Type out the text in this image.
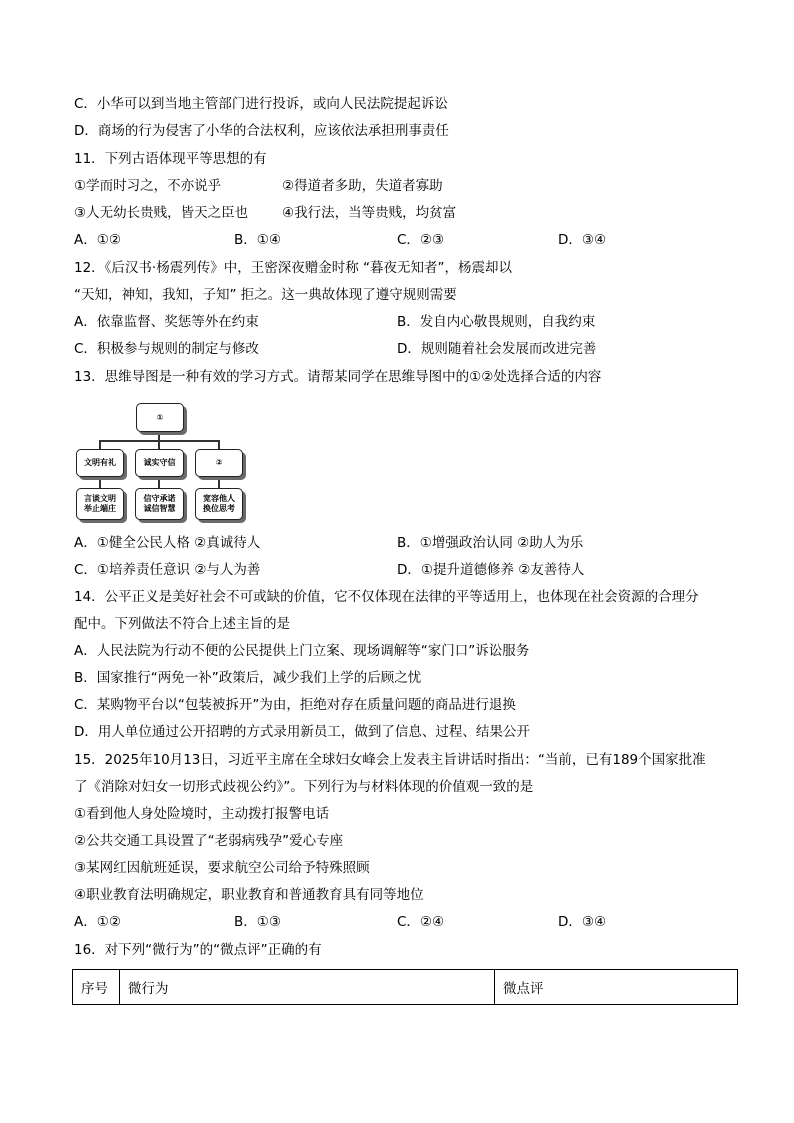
C．小华可以到当地主管部门进行投诉，或向人民法院提起诉讼
D．商场的行为侵害了小华的合法权利，应该依法承担刑事责任
11．下列古语体现平等思想的有
①学而时习之，不亦说乎	②得道者多助，失道者寡助
③人无幼长贵贱，皆天之臣也	④我行法，当等贵贱，均贫富
A．①②	B．①④	C．②③	D．③④
12．《后汉书·杨震列传》中，王密深夜赠金时称 “暮夜无知者”，杨震却以
“天知，神知，我知，子知” 拒之。这一典故体现了遵守规则需要
A．依靠监督、奖惩等外在约束	B．发自内心敬畏规则，自我约束
C．积极参与规则的制定与修改	D．规则随着社会发展而改进完善
13．思维导图是一种有效的学习方式。请帮某同学在思维导图中的①②处选择合适的内容
①
文明有礼	诚实守信	②
言谈文明
举止端庄
信守承诺
诚信智慧
宽容他人
换位思考
A．①健全公民人格 ②真诚待人	B．①增强政治认同 ②助人为乐
C．①培养责任意识 ②与人为善	D．①提升道德修养 ②友善待人
14．公平正义是美好社会不可或缺的价值，它不仅体现在法律的平等适用上，也体现在社会资源的合理分
配中。下列做法不符合上述主旨的是
A．人民法院为行动不便的公民提供上门立案、现场调解等“家门口”诉讼服务
B．国家推行“两免一补”政策后，减少我们上学的后顾之忧
C．某购物平台以“包装被拆开”为由，拒绝对存在质量问题的商品进行退换
D．用人单位通过公开招聘的方式录用新员工，做到了信息、过程、结果公开
15．2025年10月13日，习近平主席在全球妇女峰会上发表主旨讲话时指出：“当前，已有189个国家批准
了《消除对妇女一切形式歧视公约》”。下列行为与材料体现的价值观一致的是
①看到他人身处险境时，主动拨打报警电话
②公共交通工具设置了“老弱病残孕”爱心专座
③某网红因航班延误，要求航空公司给予特殊照顾
④职业教育法明确规定，职业教育和普通教育具有同等地位
A．①②	B．①③	C．②④	D．③④
16．对下列“微行为”的“微点评”正确的有
序号	微行为	微点评
